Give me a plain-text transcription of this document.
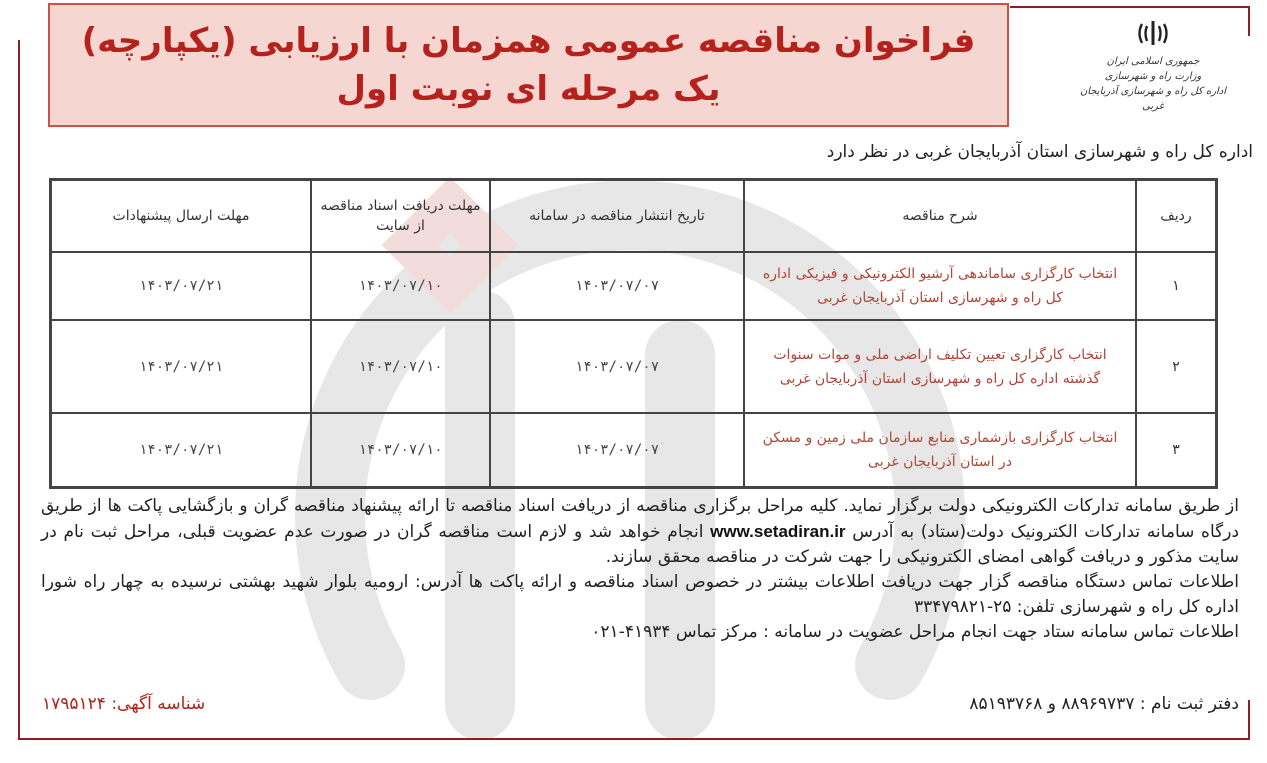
فراخوان مناقصه عمومی همزمان با ارزیابی (یکپارچه)
یک مرحله ای نوبت اول
جمهوری اسلامی ایران
وزارت راه و شهرسازی
اداره کل راه و شهرسازی آذربایجان غربی
اداره کل راه و شهرسازی استان آذربایجان غربی در نظر دارد
ردیف	شرح مناقصه	تاریخ انتشار مناقصه در سامانه	مهلت دریافت اسناد مناقصه از سایت	مهلت ارسال پیشنهادات
۱	انتخاب کارگزاری ساماندهی آرشیو الکترونیکی و فیزیکی اداره کل راه و شهرسازی استان آذربایجان غربی	۱۴۰۳/۰۷/۰۷	۱۴۰۳/۰۷/۱۰	۱۴۰۳/۰۷/۲۱
۲	انتخاب کارگزاری تعیین تکلیف اراضی ملی و موات سنوات گذشته اداره کل راه و شهرسازی استان آذربایجان غربی	۱۴۰۳/۰۷/۰۷	۱۴۰۳/۰۷/۱۰	۱۴۰۳/۰۷/۲۱
۳	انتخاب کارگزاری بازشماری منابع سازمان ملی زمین و مسکن در استان آذربایجان غربی	۱۴۰۳/۰۷/۰۷	۱۴۰۳/۰۷/۱۰	۱۴۰۳/۰۷/۲۱

از طریق سامانه تدارکات الکترونیکی دولت برگزار نماید. کلیه مراحل برگزاری مناقصه از دریافت اسناد مناقصه تا ارائه پیشنهاد مناقصه گران و بازگشایی پاکت ها از طریق درگاه سامانه تدارکات الکترونیک دولت(ستاد) به آدرس www.setadiran.ir انجام خواهد شد و لازم است مناقصه گران در صورت عدم عضویت قبلی، مراحل ثبت نام در سایت مذکور و دریافت گواهی امضای الکترونیکی را جهت شرکت در مناقصه محقق سازند.

اطلاعات تماس دستگاه مناقصه گزار جهت دریافت اطلاعات بیشتر در خصوص اسناد مناقصه و ارائه پاکت ها آدرس: ارومیه بلوار شهید بهشتی نرسیده به چهار راه شورا اداره کل راه و شهرسازی تلفن: ۲۵-۳۳۴۷۹۸۲۱

اطلاعات تماس سامانه ستاد جهت انجام مراحل عضویت در سامانه : مرکز تماس ۴۱۹۳۴-۰۲۱

دفتر ثبت نام : ۸۸۹۶۹۷۳۷ و ۸۵۱۹۳۷۶۸
شناسه آگهی: ۱۷۹۵۱۲۴
